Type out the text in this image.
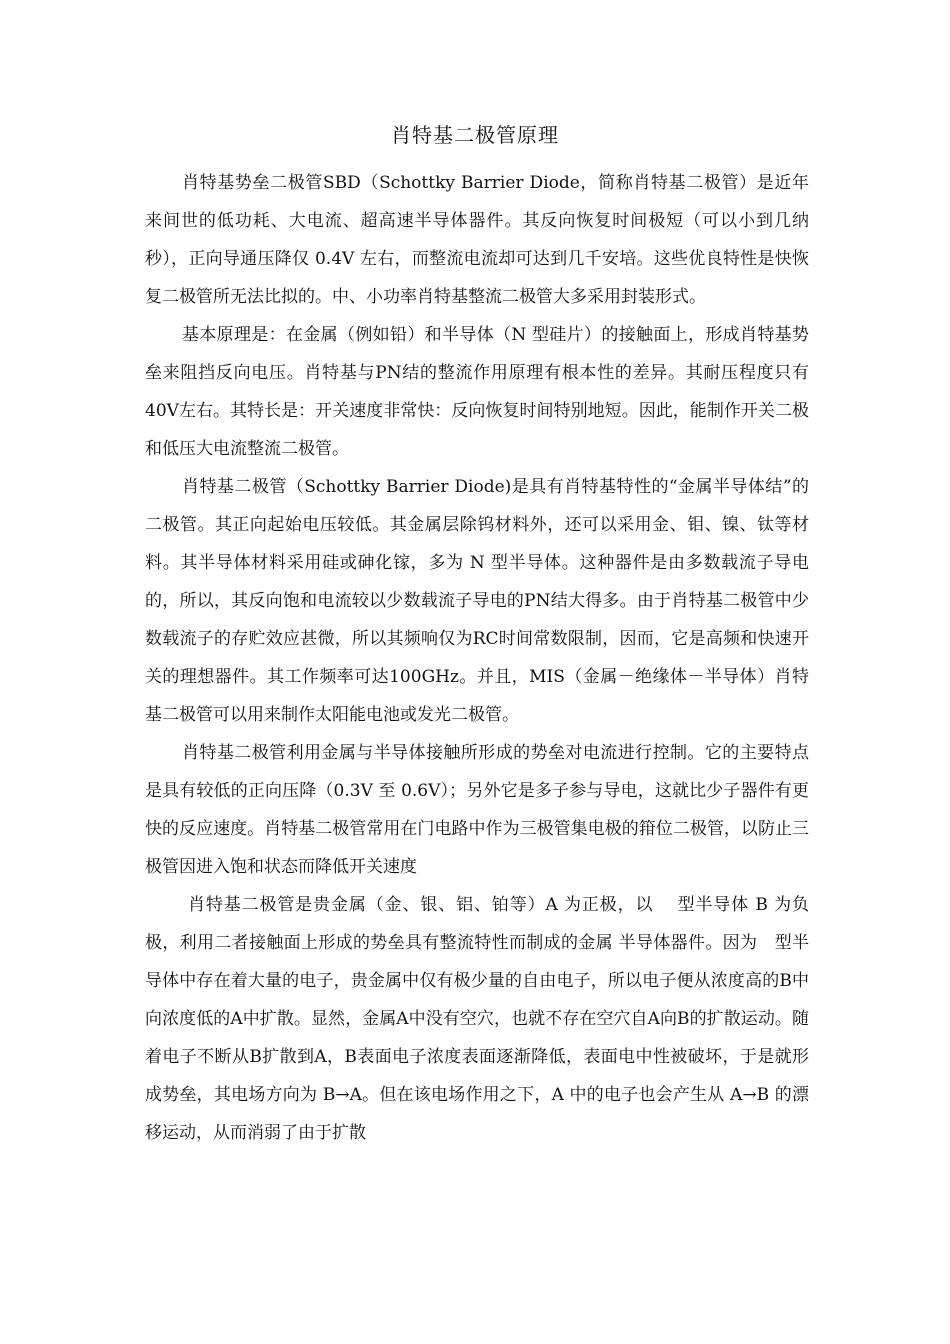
肖特基二极管原理

肖特基势垒二极管SBD（Schottky Barrier Diode，简称肖特基二极管）是近年来间世的低功耗、大电流、超高速半导体器件。其反向恢复时间极短（可以小到几纳秒），正向导通压降仅 0.4V 左右，而整流电流却可达到几千安培。这些优良特性是快恢复二极管所无法比拟的。中、小功率肖特基整流二极管大多采用封装形式。

基本原理是：在金属（例如铅）和半导体（N 型硅片）的接触面上，形成肖特基势垒来阻挡反向电压。肖特基与PN结的整流作用原理有根本性的差异。其耐压程度只有40V左右。其特长是：开关速度非常快：反向恢复时间特别地短。因此，能制作开关二极和低压大电流整流二极管。

肖特基二极管（Schottky Barrier Diode)是具有肖特基特性的“金属半导体结”的二极管。其正向起始电压较低。其金属层除钨材料外，还可以采用金、钼、镍、钛等材料。其半导体材料采用硅或砷化镓，多为 N 型半导体。这种器件是由多数载流子导电的，所以，其反向饱和电流较以少数载流子导电的PN结大得多。由于肖特基二极管中少数载流子的存贮效应甚微，所以其频响仅为RC时间常数限制，因而，它是高频和快速开关的理想器件。其工作频率可达100GHz。并且，MIS（金属－绝缘体－半导体）肖特基二极管可以用来制作太阳能电池或发光二极管。

肖特基二极管利用金属与半导体接触所形成的势垒对电流进行控制。它的主要特点是具有较低的正向压降（0.3V 至 0.6V）；另外它是多子参与导电，这就比少子器件有更快的反应速度。肖特基二极管常用在门电路中作为三极管集电极的箝位二极管，以防止三极管因进入饱和状态而降低开关速度

肖特基二极管是贵金属（金、银、铝、铂等）A 为正极，以　 型半导体 B 为负极，利用二者接触面上形成的势垒具有整流特性而制成的金属 半导体器件。因为　型半导体中存在着大量的电子，贵金属中仅有极少量的自由电子，所以电子便从浓度高的B中向浓度低的A中扩散。显然，金属A中没有空穴，也就不存在空穴自A向B的扩散运动。随着电子不断从B扩散到A，B表面电子浓度表面逐渐降低，表面电中性被破坏，于是就形成势垒，其电场方向为 B→A。但在该电场作用之下，A 中的电子也会产生从 A→B 的漂移运动，从而消弱了由于扩散
